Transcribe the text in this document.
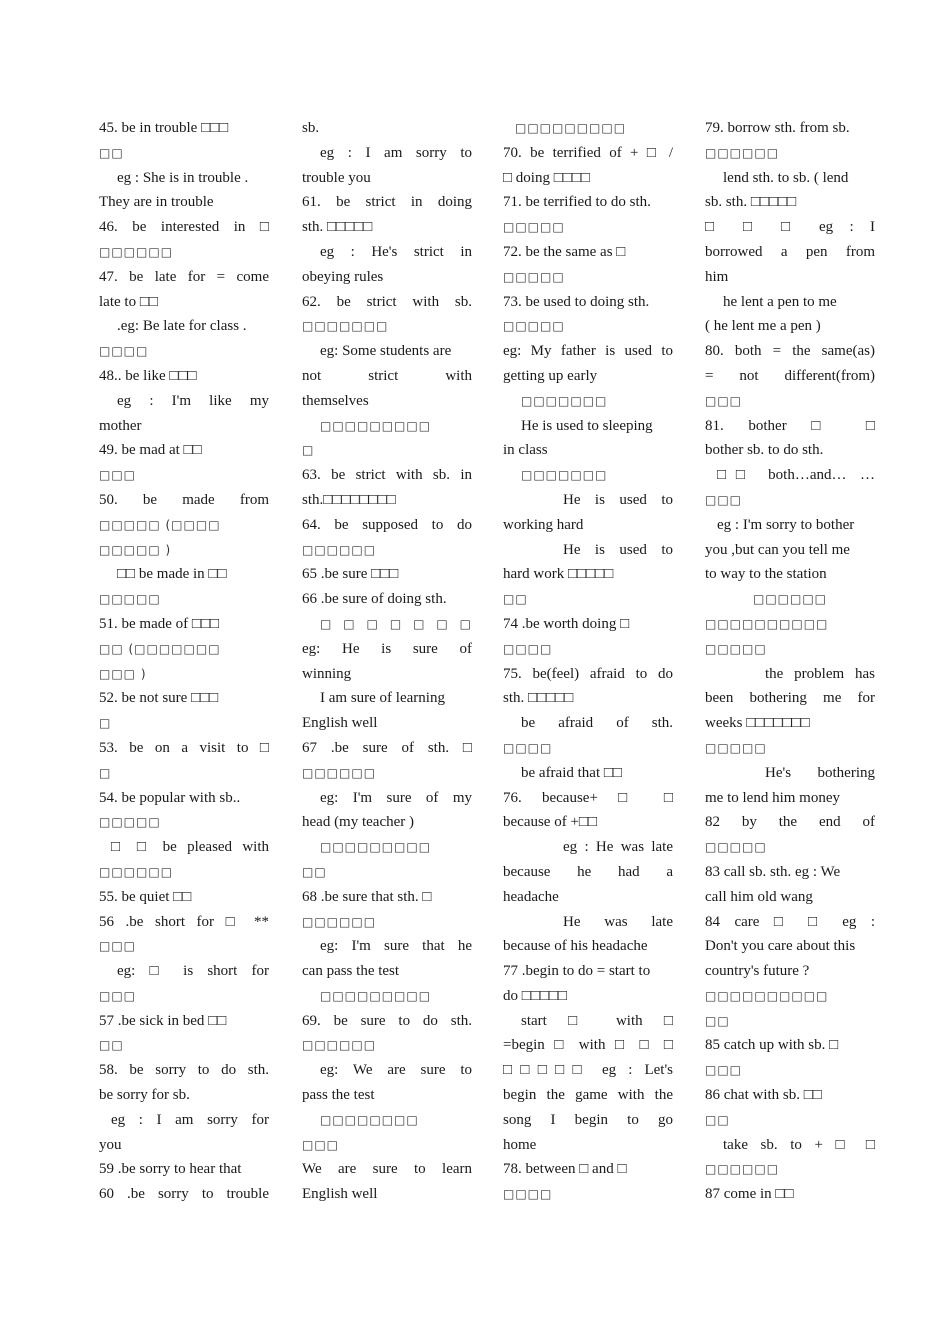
45. be in trouble □□□
□□
eg : She is in trouble .
They are in trouble
46. be interested in □
□□□□□□
47. be late for = come
late to □□
.eg: Be late for class .
□□□□
48.. be like □□□
eg : I'm like my
mother
49. be mad at □□
□□□
50. be made from
□□□□□ (□□□□
□□□□□ )
□□ be made in □□
□□□□□
51. be made of □□□
□□ (□□□□□□□
□□□ )
52. be not sure □□□
□
53. be on a visit to □
□
54. be popular with sb..
□□□□□
□ □ be pleased with
□□□□□□
55. be quiet □□
56 .be short for □ **
□□□
eg: □ is short for
□□□
57 .be sick in bed □□
□□
58. be sorry to do sth.
be sorry for sb.
eg : I am sorry for
you
59 .be sorry to hear that
60 .be sorry to trouble
sb.
eg : I am sorry to
trouble you
61. be strict in doing
sth. □□□□□
eg : He's strict in
obeying rules
62. be strict with sb.
□□□□□□□
eg: Some students are
not strict with
themselves
□□□□□□□□□
□
63. be strict with sb. in
sth.□□□□□□□□
64. be supposed to do
□□□□□□
65 .be sure □□□
66 .be sure of doing sth.
□ □ □ □ □ □ □
eg: He is sure of
winning
I am sure of learning
English well
67 .be sure of sth. □
□□□□□□
eg: I'm sure of my
head (my teacher )
□□□□□□□□□
□□
68 .be sure that sth. □
□□□□□□
eg: I'm sure that he
can pass the test
□□□□□□□□□
69. be sure to do sth.
□□□□□□
eg: We are sure to
pass the test
□□□□□□□□
□□□
We are sure to learn
English well
□□□□□□□□□
70. be terrified of + □ /
□ doing □□□□
71. be terrified to do sth.
□□□□□
72. be the same as □
□□□□□
73. be used to doing sth.
□□□□□
eg: My father is used to
getting up early
□□□□□□□
He is used to sleeping
in class
□□□□□□□
He is used to
working hard
He is used to
hard work □□□□□
□□
74 .be worth doing □
□□□□
75. be(feel) afraid to do
sth. □□□□□
be afraid of sth.
□□□□
be afraid that □□
76. because+ □ □
because of +□□
eg : He was late
because he had a
headache
He was late
because of his headache
77 .begin to do = start to
do □□□□□
start □ with □
=begin □ with □ □ □
□□□□□ eg : Let's
begin the game with the
song I begin to go
home
78. between □ and □
□□□□
79. borrow sth. from sb.
□□□□□□
lend sth. to sb. ( lend
sb. sth. □□□□□
□ □ □ eg : I
borrowed a pen from
him
he lent a pen to me
( he lent me a pen )
80. both = the same(as)
= not different(from)
□□□
81. bother □ □
bother sb. to do sth.
□□ both…and… …
□□□
eg : I'm sorry to bother
you ,but can you tell me
to way to the station
□□□□□□
□□□□□□□□□□
□□□□□
the problem has
been bothering me for
weeks □□□□□□□
□□□□□
He's bothering
me to lend him money
82 by the end of
□□□□□
83 call sb. sth. eg : We
call him old wang
84 care □ □ eg :
Don't you care about this
country's future ?
□□□□□□□□□□
□□
85 catch up with sb. □
□□□
86 chat with sb. □□
□□
take sb. to + □ □
□□□□□□
87 come in □□
